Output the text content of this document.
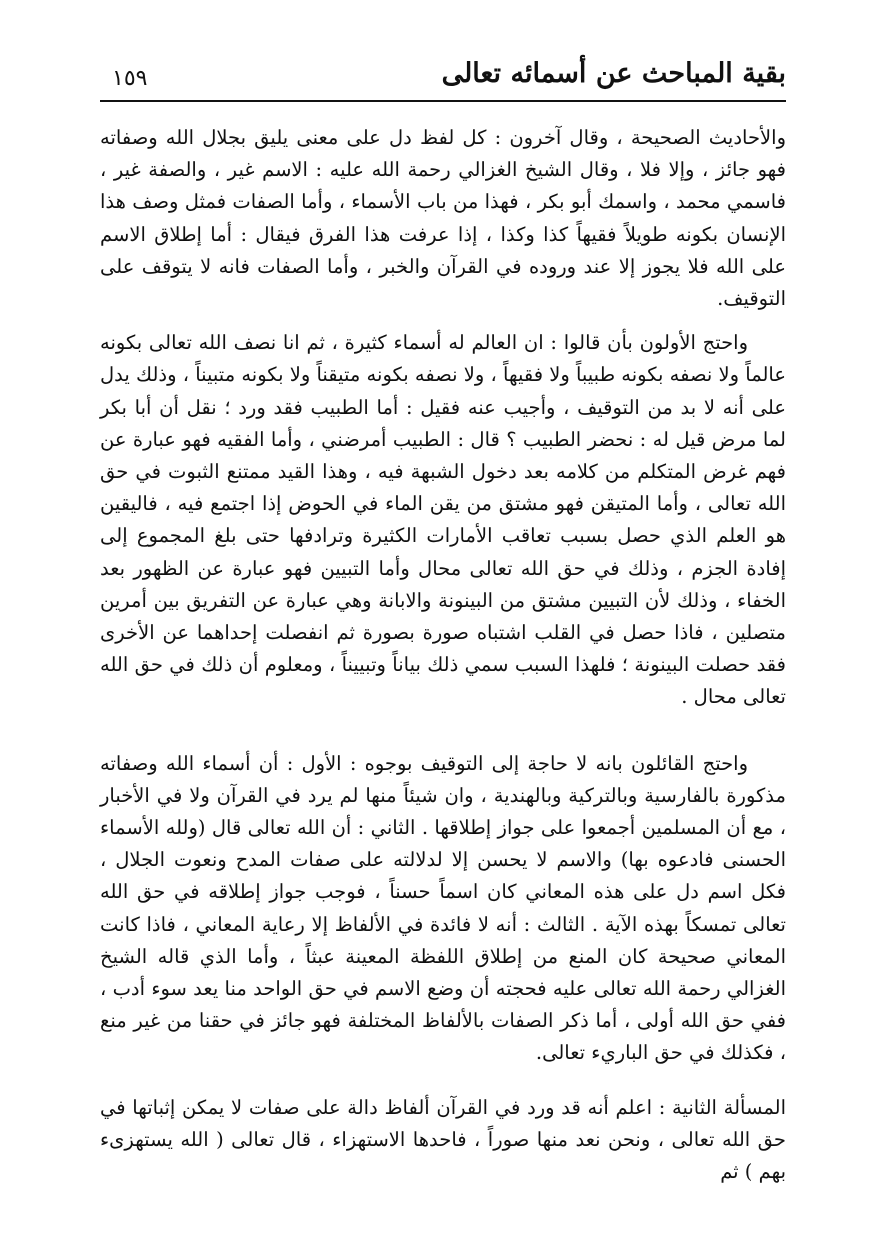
بقية المباحث عن أسمائه تعالى
١٥٩

والأحاديث الصحيحة ، وقال آخرون : كل لفظ دل على معنى يليق بجلال الله وصفاته فهو جائز ، وإلا فلا ، وقال الشيخ الغزالي رحمة الله عليه : الاسم غير ، والصفة غير ، فاسمي محمد ، واسمك أبو بكر ، فهذا من باب الأسماء ، وأما الصفات فمثل وصف هذا الإنسان بكونه طويلاً فقيهاً كذا وكذا ، إذا عرفت هذا الفرق فيقال : أما إطلاق الاسم على الله فلا يجوز إلا عند وروده في القرآن والخبر ، وأما الصفات فانه لا يتوقف على التوقيف.

واحتج الأولون بأن قالوا : ان العالم له أسماء كثيرة ، ثم انا نصف الله تعالى بكونه عالماً ولا نصفه بكونه طبيباً ولا فقيهاً ، ولا نصفه بكونه متيقناً ولا بكونه متبيناً ، وذلك يدل على أنه لا بد من التوقيف ، وأجيب عنه فقيل : أما الطبيب فقد ورد ؛ نقل أن أبا بكر لما مرض قيل له : نحضر الطبيب ؟ قال : الطبيب أمرضني ، وأما الفقيه فهو عبارة عن فهم غرض المتكلم من كلامه بعد دخول الشبهة فيه ، وهذا القيد ممتنع الثبوت في حق الله تعالى ، وأما المتيقن فهو مشتق من يقن الماء في الحوض إذا اجتمع فيه ، فاليقين هو العلم الذي حصل بسبب تعاقب الأمارات الكثيرة وترادفها حتى بلغ المجموع إلى إفادة الجزم ، وذلك في حق الله تعالى محال وأما التبيين فهو عبارة عن الظهور بعد الخفاء ، وذلك لأن التبيين مشتق من البينونة والابانة وهي عبارة عن التفريق بين أمرين متصلين ، فاذا حصل في القلب اشتباه صورة بصورة ثم انفصلت إحداهما عن الأخرى فقد حصلت البينونة ؛ فلهذا السبب سمي ذلك بياناً وتبييناً ، ومعلوم أن ذلك في حق الله تعالى محال .

واحتج القائلون بانه لا حاجة إلى التوقيف بوجوه : الأول : أن أسماء الله وصفاته مذكورة بالفارسية وبالتركية وبالهندية ، وان شيئاً منها لم يرد في القرآن ولا في الأخبار ، مع أن المسلمين أجمعوا على جواز إطلاقها . الثاني : أن الله تعالى قال (ولله الأسماء الحسنى فادعوه بها) والاسم لا يحسن إلا لدلالته على صفات المدح ونعوت الجلال ، فكل اسم دل على هذه المعاني كان اسماً حسناً ، فوجب جواز إطلاقه في حق الله تعالى تمسكاً بهذه الآية . الثالث : أنه لا فائدة في الألفاظ إلا رعاية المعاني ، فاذا كانت المعاني صحيحة كان المنع من إطلاق اللفظة المعينة عبثاً ، وأما الذي قاله الشيخ الغزالي رحمة الله تعالى عليه فحجته أن وضع الاسم في حق الواحد منا يعد سوء أدب ، ففي حق الله أولى ، أما ذكر الصفات بالألفاظ المختلفة فهو جائز في حقنا من غير منع ، فكذلك في حق الباريء تعالى.

المسألة الثانية : اعلم أنه قد ورد في القرآن ألفاظ دالة على صفات لا يمكن إثباتها في حق الله تعالى ، ونحن نعد منها صوراً ، فاحدها الاستهزاء ، قال تعالى ( الله يستهزىء بهم ) ثم
